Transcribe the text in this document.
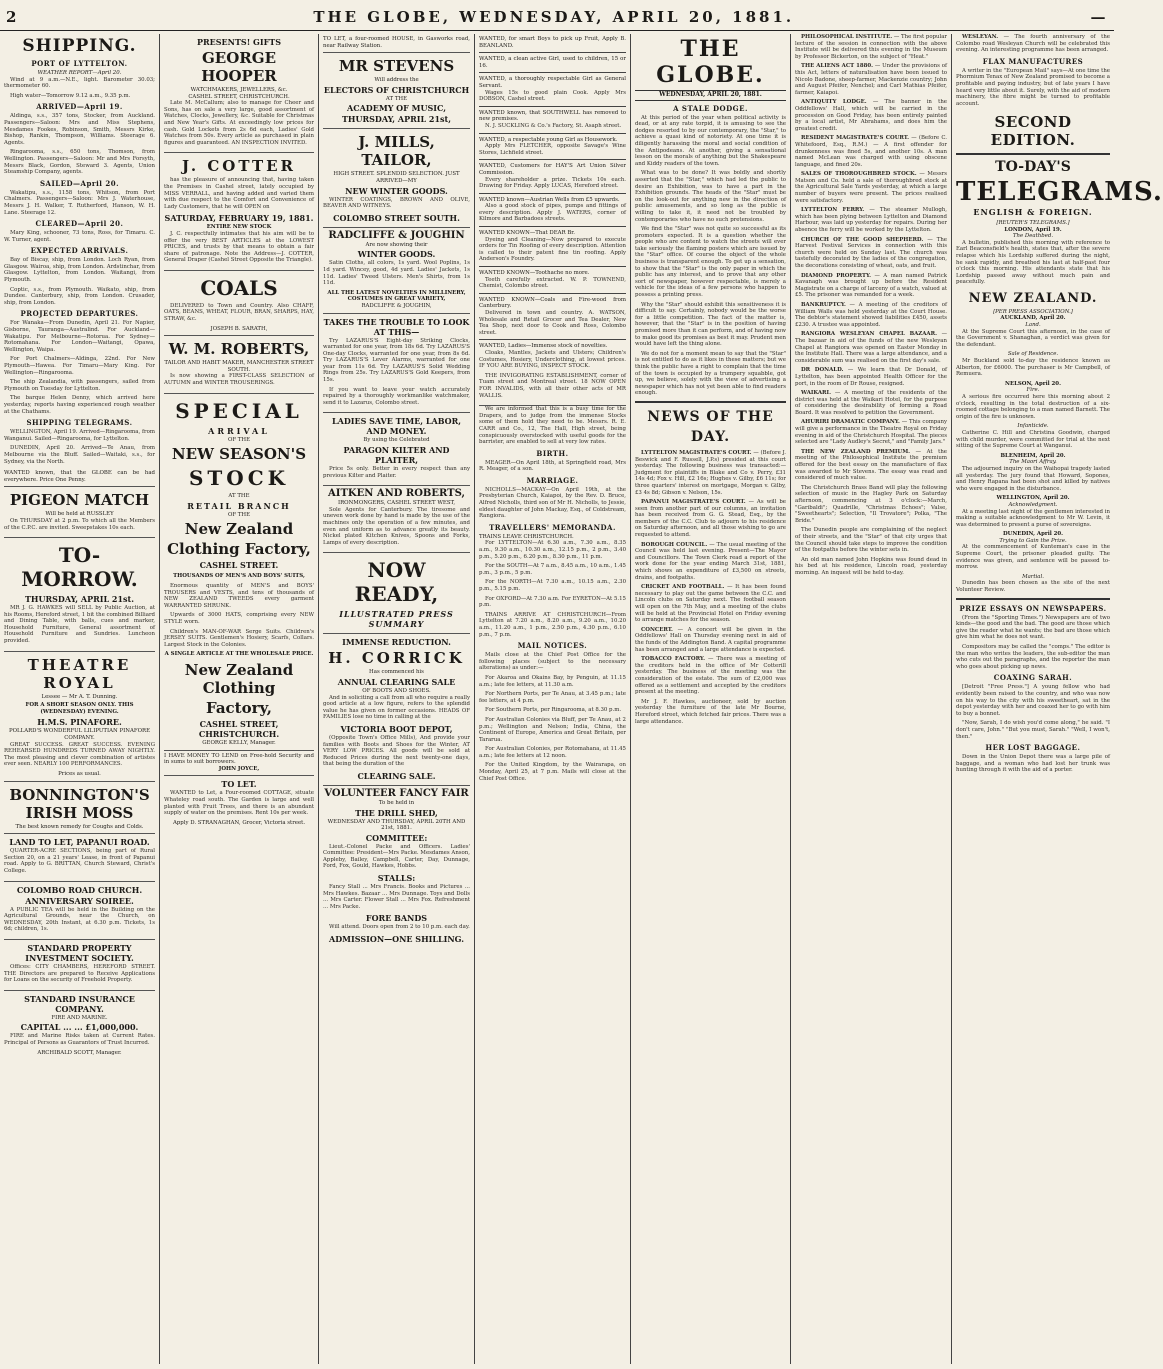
2	THE GLOBE, WEDNESDAY, APRIL 20, 1881.	—
SHIPPING.
PORT OF LYTTELTON.
WEATHER REPORT—April 20.

Wind at 9 a.m.—N.E., light. Barometer 30.03; thermometer 60.

High water—Tomorrow 9.12 a.m., 9.35 p.m.

ARRIVED—April 19.

Aldinga, s.s., 357 tons, Stocker, from Auckland. Passengers—Saloon: Mrs and Miss Stephens, Mesdames Fookes, Robinson, Smith, Messrs Kirke, Bishop, Rankin, Thompson, Williams. Steerage 6. Agents.

Ringarooma, s.s., 650 tons, Thomson, from Wellington. Passengers—Saloon: Mr and Mrs Forsyth, Messrs Black, Gordon, Steward 3. Agents, Union Steamship Company, agents.

SAILED—April 20.

Wakatipu, s.s., 1158 tons, Whitson, from Port Chalmers. Passengers—Saloon: Mrs J. Waterhouse, Messrs J. H. Walker, T. Rutherford, Hanson, W. H. Lane. Steerage 12.

CLEARED—April 20.

Mary King, schooner, 73 tons, Ross, for Timaru. C. W. Turner, agent.

EXPECTED ARRIVALS.

Bay of Biscay, ship, from London. Loch Ryan, from Glasgow. Wairoa, ship, from London. Ardstinchar, from Glasgow. Lyttelton, from London. Waitangi, from Plymouth.

Coptic, s.s., from Plymouth. Waikato, ship, from Dundee. Canterbury, ship, from London. Crusader, ship, from London.

PROJECTED DEPARTURES.

For Wanaka—From Dunedin, April 21. For Napier, Gisborne, Tauranga—Australind. For Auckland—Wakatipu. For Melbourne—Rotorua. For Sydney—Rotomahana. For London—Waitangi, Opawa, Wellington, Waipa.

For Port Chalmers—Aldinga, 22nd. For New Plymouth—Hawea. For Timaru—Mary King. For Wellington—Ringarooma.

The ship Zealandia, with passengers, sailed from Plymouth on Tuesday for Lyttelton.

The barque Helen Denny, which arrived here yesterday, reports having experienced rough weather at the Chathams.

SHIPPING TELEGRAMS.

WELLINGTON, April 19. Arrived—Ringarooma, from Wanganui. Sailed—Ringarooma, for Lyttelton.

DUNEDIN, April 20. Arrived—Te Anau, from Melbourne via the Bluff. Sailed—Waitaki, s.s., for Sydney, via the North.

WANTED known, that the GLOBE can be had everywhere. Price One Penny.
PIGEON MATCH
Will be held at RUSSLEY

On THURSDAY at 2 p.m. To which all the Members of the C.P.C. are invited. Sweepstakes 10s each.

TO-MORROW.
THURSDAY, APRIL 21st.

MR J. G. HAWKES will SELL by Public Auction, at his Rooms, Hereford street, 1 bit the combined Billiard and Dining Table, with balls, cues and marker, Household Furniture, General assortment of Household Furniture and Sundries. Luncheon provided.

THEATRE ROYAL
Lessee — Mr A. T. Dunning.
FOR A SHORT SEASON ONLY. THIS (WEDNESDAY) EVENING.
H.M.S. PINAFORE.
POLLARD'S WONDERFUL LILIPUTIAN PINAFORE COMPANY.

GREAT SUCCESS. GREAT SUCCESS. EVENING REHEARSED HUNDREDS TURNED AWAY NIGHTLY. The most pleasing and clever combination of artistes ever seen. NEARLY 100 PERFORMANCES.

Prices as usual.
BONNINGTON'S IRISH MOSS
The best known remedy for Coughs and Colds.
LAND TO LET, PAPANUI ROAD.

QUARTER-ACRE SECTIONS, being part of Rural Section 20, on a 21 years' Lease, in front of Papanui road. Apply to G. BRITTAN, Church Steward, Christ's College.

COLOMBO ROAD CHURCH.
ANNIVERSARY SOIREE.

A PUBLIC TEA will be held in the Building on the Agricultural Grounds, near the Church, on WEDNESDAY, 20th Instant, at 6.30 p.m. Tickets, 1s 6d; children, 1s.

STANDARD PROPERTY INVESTMENT SOCIETY.

Offices: CITY CHAMBERS, HEREFORD STREET. THE Directors are prepared to Receive Applications for Loans on the security of Freehold Property.

STANDARD INSURANCE COMPANY.
FIRE AND MARINE.
CAPITAL ... ... £1,000,000.

FIRE and Marine Risks taken at Current Rates. Principal of Persons as Guarantors of Trust Incurred.

ARCHIBALD SCOTT, Manager.
PRESENTS! GIFTS
GEORGE HOOPER
WATCHMAKERS, JEWELLERS, &c.
CASHEL STREET, CHRISTCHURCH.

Late M. McCallum; also to manage for Cheer and Sons, has on sale a very large, good assortment of Watches, Clocks, Jewellery, &c. Suitable for Christmas and New Year's Gifts. At exceedingly low prices for cash. Gold Lockets from 2s 6d each, Ladies' Gold Watches from 50s. Every article as purchased in plain figures and guaranteed. AN INSPECTION INVITED.

J. COTTER

has the pleasure of announcing that, having taken the Premises in Cashel street, lately occupied by MISS VERRALL, and having added and varied them with due respect to the Comfort and Convenience of Lady Customers, that he will OPEN on

SATURDAY, FEBRUARY 19, 1881.
ENTIRE NEW STOCK

J. C. respectfully intimates that his aim will be to offer the very BEST ARTICLES at the LOWEST PRICES, and trusts by that means to obtain a fair share of patronage. Note the Address—J. COTTER, General Draper (Cashel Street Opposite the Triangle).

COALS

DELIVERED to Town and Country. Also CHAFF, OATS, BEANS, WHEAT, FLOUR, BRAN, SHARPS, HAY, STRAW, &c.

JOSEPH B. SARATH,
W. M. ROBERTS,
TAILOR AND HABIT MAKER, MANCHESTER STREET SOUTH.

Is now showing a FIRST-CLASS SELECTION of AUTUMN and WINTER TROUSERINGS.

SPECIAL
ARRIVAL
OF THE
NEW SEASON'S
STOCK
AT THE
RETAIL BRANCH
OF THE
New Zealand
Clothing Factory,
CASHEL STREET.
THOUSANDS OF MEN'S AND BOYS' SUITS,

Enormous quantity of MEN'S and BOYS' TROUSERS and VESTS, and tens of thousands of NEW ZEALAND TWEEDS every garment WARRANTED SHRUNK.

Upwards of 3000 HATS, comprising every NEW STYLE worn.

Children's MAN-OF-WAR Serge Suits. Children's JERSEY SUITS. Gentlemen's Hosiery, Scarfs, Collars. Largest Stock in the Colonies.

A SINGLE ARTICLE AT THE WHOLESALE PRICE.
New Zealand Clothing
Factory,
CASHEL STREET, CHRISTCHURCH.
GEORGE KELLY, Manager.
I HAVE MONEY TO LEND on Free-hold Security and in sums to suit borrowers.
JOHN JOYCE,
TO LET.

WANTED to Let, a Four-roomed COTTAGE, situate Whateley road south. The Garden is large and well planted with Fruit Trees, and there is an abundant supply of water on the premises. Rent 10s per week.

Apply D. STRANAGHAN, Grocer, Victoria street.
TO LET, a four-roomed HOUSE, in Gasworks road, near Railway Station.
MR STEVENS
Will address the
ELECTORS OF CHRISTCHURCH
AT THE
ACADEMY OF MUSIC,
THURSDAY, APRIL 21st,
J. MILLS, TAILOR,
HIGH STREET. SPLENDID SELECTION. JUST ARRIVED—MY
NEW WINTER GOODS.

WINTER COATINGS, BROWN AND OLIVE, BEAVER AND WITNEYS.

COLOMBO STREET SOUTH.
RADCLIFFE & JOUGHIN
Are now showing their
WINTER GOODS.

Satin Cloths, all colors, 1s yard. Wool Poplins, 1s 1d yard. Wincey, good, 4d yard. Ladies' Jackets, 1s 11d. Ladies' Tweed Ulsters. Men's Shirts, from 1s 11d.

ALL THE LATEST NOVELTIES IN MILLINERY,
COSTUMES IN GREAT VARIETY,
RADCLIFFE & JOUGHIN,
TAKES THE TROUBLE TO LOOK AT THIS—

Try LAZARUS'S Eight-day Striking Clocks, warranted for one year, from 18s 6d. Try LAZARUS'S One-day Clocks, warranted for one year, from 8s 6d. Try LAZARUS'S Lever Alarms, warranted for one year from 11s 6d. Try LAZARUS'S Solid Wedding Rings from 25s. Try LAZARUS'S Gold Keepers, from 15s.

If you want to leave your watch accurately repaired by a thoroughly workmanlike watchmaker, send it to Lazarus, Colombo street.

LADIES SAVE TIME, LABOR, AND MONEY.
By using the Celebrated
PARAGON KILTER AND PLAITER,

Price 5s only. Better in every respect than any previous Kilter and Plaiter.

AITKEN AND ROBERTS,
IRONMONGERS, CASHEL STREET WEST,

Sole Agents for Canterbury. The tiresome and uneven work done by hand is made by the use of the machines only the operation of a few minutes, and even and uniform as to advance greatly its beauty. Nickel plated Kitchen Knives, Spoons and Forks, Lamps of every description.

NOW READY,
ILLUSTRATED PRESS SUMMARY
IMMENSE REDUCTION.
H. CORRICK
Has commenced his
ANNUAL CLEARING SALE
OF BOOTS AND SHOES.

And in soliciting a call from all who require a really good article at a low figure, refers to the splendid value he has given on former occasions. HEADS OF FAMILIES lose no time in calling at the

VICTORIA BOOT DEPOT,

(Opposite Town's Office Mills), And provide your families with Boots and Shoes for the Winter, AT VERY LOW PRICES. All goods will be sold at Reduced Prices during the next twenty-one days, that being the duration of the

CLEARING SALE.
VOLUNTEER FANCY FAIR
To be held in
THE DRILL SHED,
WEDNESDAY AND THURSDAY, APRIL 20TH AND 21st, 1881.
COMMITTEE:

Lieut.-Colonel Packe and Officers. Ladies' Committee: President—Mrs Packe. Mesdames Anson, Appleby, Bailey, Campbell, Carter, Day, Dunnage, Ford, Fox, Gould, Hawkes, Hobbs.

STALLS:

Fancy Stall ... Mrs Francis. Books and Pictures ... Mrs Hawkes. Bazaar ... Mrs Dunnage. Toys and Dolls ... Mrs Carter. Flower Stall ... Mrs Fox. Refreshment ... Mrs Packe.

FORE BANDS

Will attend. Doors open from 2 to 10 p.m. each day.

ADMISSION—ONE SHILLING.
WANTED, for smart Boys to pick up Fruit, Apply B. BEANLAND.
WANTED, a clean active Girl, used to children, 15 or 16.
WANTED, a thoroughly respectable Girl as General Servant.

Wages 15s to good plain Cook. Apply Mrs DOBSON, Cashel street.

WANTED known, that SOUTHWELL has removed to new premises.

N. J. SUCKLING & Co.'s Factory, St. Asaph street.

WANTED, a respectable young Girl as Housework.

Apply Mrs FLETCHER, opposite Savage's Wine Stores, Lichfield street.

WANTED, Customers for HAY'S Art Union Silver Commission.

Every shareholder a prize. Tickets 10s each. Drawing for Friday. Apply LUCAS, Hereford street.

WANTED known—Austrian Wells from £5 upwards.

Also a good stock of pipes, pumps and fittings of every description. Apply J. WATERS, corner of Kilmore and Barbadoes streets.

WANTED KNOWN—That DEAR Br.

Dyeing and Cleaning—Now prepared to execute orders for Tin Roofing of every description. Attention is called to their patent fine tin roofing. Apply Anderson's Foundry.

WANTED KNOWN—Toothache no more.

Teeth carefully extracted. W. P. TOWNEND, Chemist, Colombo street.

WANTED KNOWN—Coals and Fire-wood from Canterbury.

Delivered in town and country. A. WATSON, Wholesale and Retail Grocer and Tea Dealer, New Tea Shop, next door to Cook and Ross, Colombo street.

WANTED, Ladies—Immense stock of novelties.

Cloaks, Mantles, Jackets and Ulsters; Children's Costumes, Hosiery, Underclothing, at lowest prices. IF YOU ARE BUYING, INSPECT STOCK.

THE INVIGORATING ESTABLISHMENT, corner of Tuam street and Montreal street. 18 NOW OPEN FOR INVALIDS, with all their other acts of MR WALLIS.

We are informed that this is a busy time for the Drapers, and to judge from the immense Stocks some of them hold they need to be. Messrs. R. E. CARR and Co., 12, The Hall, High street, being conspicuously overstocked with useful goods for the barrister, are enabled to sell at very low rates.

BIRTH.

MEAGER—On April 18th, at Springfield road, Mrs R. Meager, of a son.

MARRIAGE.

NICHOLLS—MACKAY—On April 19th, at the Presbyterian Church, Kaiapoi, by the Rev. D. Bruce, Alfred Nicholls, third son of Mr H. Nicholls, to Jessie, eldest daughter of John Mackay, Esq., of Coldstream, Rangiora.

TRAVELLERS' MEMORANDA.
TRAINS LEAVE CHRISTCHURCH.

For LYTTELTON—At 6.30 a.m., 7.30 a.m., 8.35 a.m., 9.30 a.m., 10.30 a.m., 12.15 p.m., 2 p.m., 3.40 p.m., 5.20 p.m., 6.20 p.m., 8.30 p.m., 11 p.m.

For the SOUTH—At 7 a.m., 8.45 a.m., 10 a.m., 1.45 p.m., 3 p.m., 5 p.m.

For the NORTH—At 7.30 a.m., 10.15 a.m., 2.30 p.m., 5.15 p.m.

For OXFORD—At 7.30 a.m. For EYRETON—At 5.15 p.m.

TRAINS ARRIVE AT CHRISTCHURCH—From Lyttelton at 7.20 a.m., 8.20 a.m., 9.20 a.m., 10.20 a.m., 11.20 a.m., 1 p.m., 2.50 p.m., 4.30 p.m., 6.10 p.m., 7 p.m.

MAIL NOTICES.

Mails close at the Chief Post Office for the following places (subject to the necessary alterations) as under:—

For Akaroa and Okains Bay, by Penguin, at 11.15 a.m.; late fee letters, at 11.30 a.m.

For Northern Ports, per Te Anau, at 3.45 p.m.; late fee letters, at 4 p.m.

For Southern Ports, per Ringarooma, at 8.30 p.m.

For Australian Colonies via Bluff, per Te Anau, at 2 p.m.; Wellington and Nelson; India, China, the Continent of Europe, America and Great Britain, per Tararua.

For Australian Colonies, per Rotomahana, at 11.45 a.m.; late fee letters at 12 noon.

For the United Kingdom, by the Wairarapa, on Monday, April 25, at 7 p.m. Mails will close at the Chief Post Office.

THE GLOBE.
WEDNESDAY, APRIL 20, 1881.
A STALE DODGE.

At this period of the year when political activity is dead, or at any rate torpid, it is amusing to see the dodges resorted to by our contemporary, the "Star," to achieve a quasi kind of notoriety. At one time it is diligently harassing the moral and social condition of the Antipodeans. At another, giving a sensational lesson on the morals of anything but the Shakespeare and Kiddy readers of the town.

What was to be done? It was boldly and shortly asserted that the "Star," which had led the public to desire an Exhibition, was to have a part in the Exhibition grounds. The heads of the "Star" must be on the look-out for anything new in the direction of public amusements, and so long as the public is willing to take it, it need not be troubled by contemporaries who have no such pretensions.

We find the "Star" was not quite so successful as its promoters expected. It is a question whether the people who are content to watch the streets will ever take seriously the flaming posters which are issued by the "Star" office. Of course the object of the whole business is transparent enough. To get up a sensation, to show that the "Star" is the only paper in which the public has any interest, and to prove that any other sort of newspaper, however respectable, is merely a vehicle for the ideas of a few persons who happen to possess a printing press.

Why the "Star" should exhibit this sensitiveness it is difficult to say. Certainly, nobody would be the worse for a little competition. The fact of the matter is, however, that the "Star" is in the position of having promised more than it can perform, and of having now to make good its promises as best it may. Prudent men would have left the thing alone.

We do not for a moment mean to say that the "Star" is not entitled to do as it likes in these matters; but we think the public have a right to complain that the time of the town is occupied by a trumpery squabble, got up, we believe, solely with the view of advertising a newspaper which has not yet been able to find readers enough.

NEWS OF THE DAY.

LYTTELTON MAGISTRATE'S COURT. — (Before J. Beswick and F. Russell, J.P.s) presided at this court yesterday. The following business was transacted:—Judgment for plaintiffs in Blake and Co v. Perry, £31 14s 4d; Fox v. Hill, £2 16s; Hughes v. Gilby, £6 11s; for three quarters' interest on mortgage, Morgan v. Gilby, £3 4s 8d; Gibson v. Nelson, 15s.

PAPANUI MAGISTRATE'S COURT. — As will be seen from another part of our columns, an invitation has been received from G. G. Stead, Esq., by the members of the C.C. Club to adjourn to his residence on Saturday afternoon, and all those wishing to go are requested to attend.

BOROUGH COUNCIL. — The usual meeting of the Council was held last evening. Present—The Mayor and Councillors. The Town Clerk read a report of the work done for the year ending March 31st, 1881, which shows an expenditure of £3,500 on streets, drains, and footpaths.

CRICKET AND FOOTBALL. — It has been found necessary to play out the game between the C.C. and Lincoln clubs on Saturday next. The football season will open on the 7th May, and a meeting of the clubs will be held at the Provincial Hotel on Friday evening to arrange matches for the season.

CONCERT. — A concert will be given in the Oddfellows' Hall on Thursday evening next in aid of the funds of the Addington Band. A capital programme has been arranged and a large attendance is expected.

TOBACCO FACTORY. — There was a meeting of the creditors held in the office of Mr Cotterill yesterday. The business of the meeting was the consideration of the estate. The sum of £2,000 was offered as a settlement and accepted by the creditors present at the meeting.

Mr J. F. Hawkes, auctioneer, sold by auction yesterday the furniture of the late Mr Bourne, Hereford street, which fetched fair prices. There was a large attendance.

PHILOSOPHICAL INSTITUTE. — The first popular lecture of the session in connection with the above Institute will be delivered this evening in the Museum by Professor Bickerton, on the subject of "Heat."

THE ALIENS ACT 1880. — Under the provisions of this Act, letters of naturalisation have been issued to Nicolo Badone, sheep-farmer, Mackenzie country; John and August Pfeifer, Nenchel; and Carl Mathias Pfeifer, farmer, Kaiapoi.

ANTIQUITY LODGE. — The banner in the Oddfellows' Hall, which will be carried in the procession on Good Friday, has been entirely painted by a local artist, Mr Abrahams, and does him the greatest credit.

RESIDENT MAGISTRATE'S COURT. — (Before C. Whitefoord, Esq., R.M.) — A first offender for drunkenness was fined 5s, and another 10s. A man named McLean was charged with using obscene language, and fined 20s.

SALES OF THOROUGHBRED STOCK. — Messrs Matson and Co. held a sale of thoroughbred stock at the Agricultural Sale Yards yesterday, at which a large number of buyers were present. The prices realised were satisfactory.

LYTTELTON FERRY. — The steamer Mullogh, which has been plying between Lyttelton and Diamond Harbour, was laid up yesterday for repairs. During her absence the ferry will be worked by the Lyttelton.

CHURCH OF THE GOOD SHEPHERD. — The Harvest Festival Services in connection with this church were held on Sunday last. The church was tastefully decorated by the ladies of the congregation, the decorations consisting of wheat, oats, and fruit.

DIAMOND PROPERTY. — A man named Patrick Kavanagh was brought up before the Resident Magistrate on a charge of larceny of a watch, valued at £5. The prisoner was remanded for a week.

BANKRUPTCY. — A meeting of the creditors of William Walls was held yesterday at the Court House. The debtor's statement showed liabilities £450, assets £230. A trustee was appointed.

RANGIORA WESLEYAN CHAPEL BAZAAR. — The bazaar in aid of the funds of the new Wesleyan Chapel at Rangiora was opened on Easter Monday in the Institute Hall. There was a large attendance, and a considerable sum was realised on the first day's sale.

DR DONALD. — We learn that Dr Donald, of Lyttelton, has been appointed Health Officer for the port, in the room of Dr Rouse, resigned.

WAIKARI. — A meeting of the residents of the district was held at the Waikari Hotel, for the purpose of considering the desirability of forming a Road Board. It was resolved to petition the Government.

AHURIRI DRAMATIC COMPANY. — This company will give a performance in the Theatre Royal on Friday evening in aid of the Christchurch Hospital. The pieces selected are "Lady Audley's Secret," and "Family Jars."

THE NEW ZEALAND PREMIUM. — At the meeting of the Philosophical Institute the premium offered for the best essay on the manufacture of flax was awarded to Mr Stevens. The essay was read and considered of much value.

The Christchurch Brass Band will play the following selection of music in the Hagley Park on Saturday afternoon, commencing at 3 o'clock:—March, "Garibaldi"; Quadrille, "Christmas Echoes"; Valse, "Sweethearts"; Selection, "Il Trovatore"; Polka, "The Bride."

The Dunedin people are complaining of the neglect of their streets, and the "Star" of that city urges that the Council should take steps to improve the condition of the footpaths before the winter sets in.

An old man named John Hopkins was found dead in his bed at his residence, Lincoln road, yesterday morning. An inquest will be held to-day.

WESLEYAN. — The fourth anniversary of the Colombo road Wesleyan Church will be celebrated this evening. An interesting programme has been arranged.

FLAX MANUFACTURES

A writer in the "European Mail" says—At one time the Phormium Tenax of New Zealand promised to become a profitable and paying industry, but of late years I have heard very little about it. Surely, with the aid of modern machinery, the fibre might be turned to profitable account.

SECOND EDITION.
TO-DAY'S
TELEGRAMS.
ENGLISH & FOREIGN.
[REUTER'S TELEGRAMS.]
LONDON, April 19.
The Deathbed.

A bulletin, published this morning with reference to Earl Beaconsfield's health, states that, after the severe relapse which his Lordship suffered during the night, he sank rapidly, and breathed his last at half-past four o'clock this morning. His attendants state that his Lordship passed away without much pain and peacefully.

NEW ZEALAND.
[PER PRESS ASSOCIATION.]
AUCKLAND, April 20.
Land.

At the Supreme Court this afternoon, in the case of the Government v. Shanaghan, a verdict was given for the defendant.

Sale of Residence.

Mr Buckland sold to-day the residence known as Alberton, for £6000. The purchaser is Mr Campbell, of Remuera.

NELSON, April 20.
Fire.

A serious fire occurred here this morning about 2 o'clock, resulting in the total destruction of a six-roomed cottage belonging to a man named Barnett. The origin of the fire is unknown.

Infanticide.

Catherine C. Hill and Christina Goodwin, charged with child murder, were committed for trial at the next sitting of the Supreme Court at Wanganui.

BLENHEIM, April 20.
The Maori Affray.

The adjourned inquiry on the Waihopai tragedy lasted all yesterday. The jury found that Howard, Sopones, and Henry Rapana had been shot and killed by natives who were engaged in the disturbance.

WELLINGTON, April 20.
Acknowledgment.

At a meeting last night of the gentlemen interested in making a suitable acknowledgment to Mr W. Levin, it was determined to present a purse of sovereigns.

DUNEDIN, April 20.
Trying to Gain the Prize.

At the commencement of Kunteman's case in the Supreme Court, the prisoner pleaded guilty. The evidence was given, and sentence will be passed to-morrow.

Martial.

Dunedin has been chosen as the site of the next Volunteer Review.

PRIZE ESSAYS ON NEWSPAPERS.

(From the "Sporting Times.") Newspapers are of two kinds—the good and the bad. The good are those which give the reader what he wants; the bad are those which give him what he does not want.

Compositors may be called the "comps." The editor is the man who writes the leaders, the sub-editor the man who cuts out the paragraphs, and the reporter the man who goes about picking up news.

COAXING SARAH.

[Detroit "Free Press."] A young fellow who had evidently been raised to the country, and who was now on his way to the city with his sweetheart, sat in the depot yesterday with her and coaxed her to go with him to buy a bonnet.

"Now, Sarah, I do wish you'd come along," he said. "I don't care, John." "But you must, Sarah." "Well, I won't, then."

HER LOST BAGGAGE.

Down in the Union Depot there was a large pile of baggage, and a woman who had lost her trunk was hunting through it with the aid of a porter.
